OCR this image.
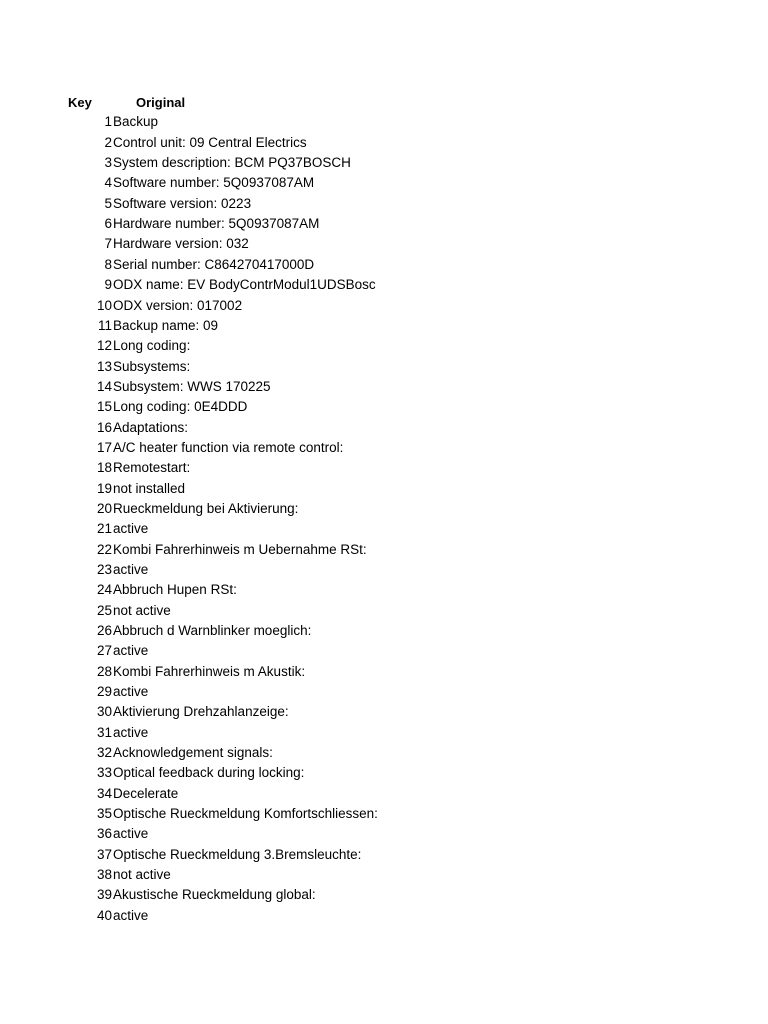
Key	Original
1 Backup
2 Control unit: 09 Central Electrics
3 System description: BCM PQ37BOSCH
4 Software number: 5Q0937087AM
5 Software version: 0223
6 Hardware number: 5Q0937087AM
7 Hardware version: 032
8 Serial number: C864270417000D
9 ODX name: EV BodyContrModul1UDSBosc
10 ODX version: 017002
11 Backup name: 09
12 Long coding:
13 Subsystems:
14 Subsystem: WWS 170225
15 Long coding: 0E4DDD
16 Adaptations:
17 A/C heater function via remote control:
18 Remotestart:
19 not installed
20 Rueckmeldung bei Aktivierung:
21 active
22 Kombi Fahrerhinweis m Uebernahme RSt:
23 active
24 Abbruch Hupen RSt:
25 not active
26 Abbruch d Warnblinker moeglich:
27 active
28 Kombi Fahrerhinweis m Akustik:
29 active
30 Aktivierung Drehzahlanzeige:
31 active
32 Acknowledgement signals:
33 Optical feedback during locking:
34 Decelerate
35 Optische Rueckmeldung Komfortschliessen:
36 active
37 Optische Rueckmeldung 3.Bremsleuchte:
38 not active
39 Akustische Rueckmeldung global:
40 active
